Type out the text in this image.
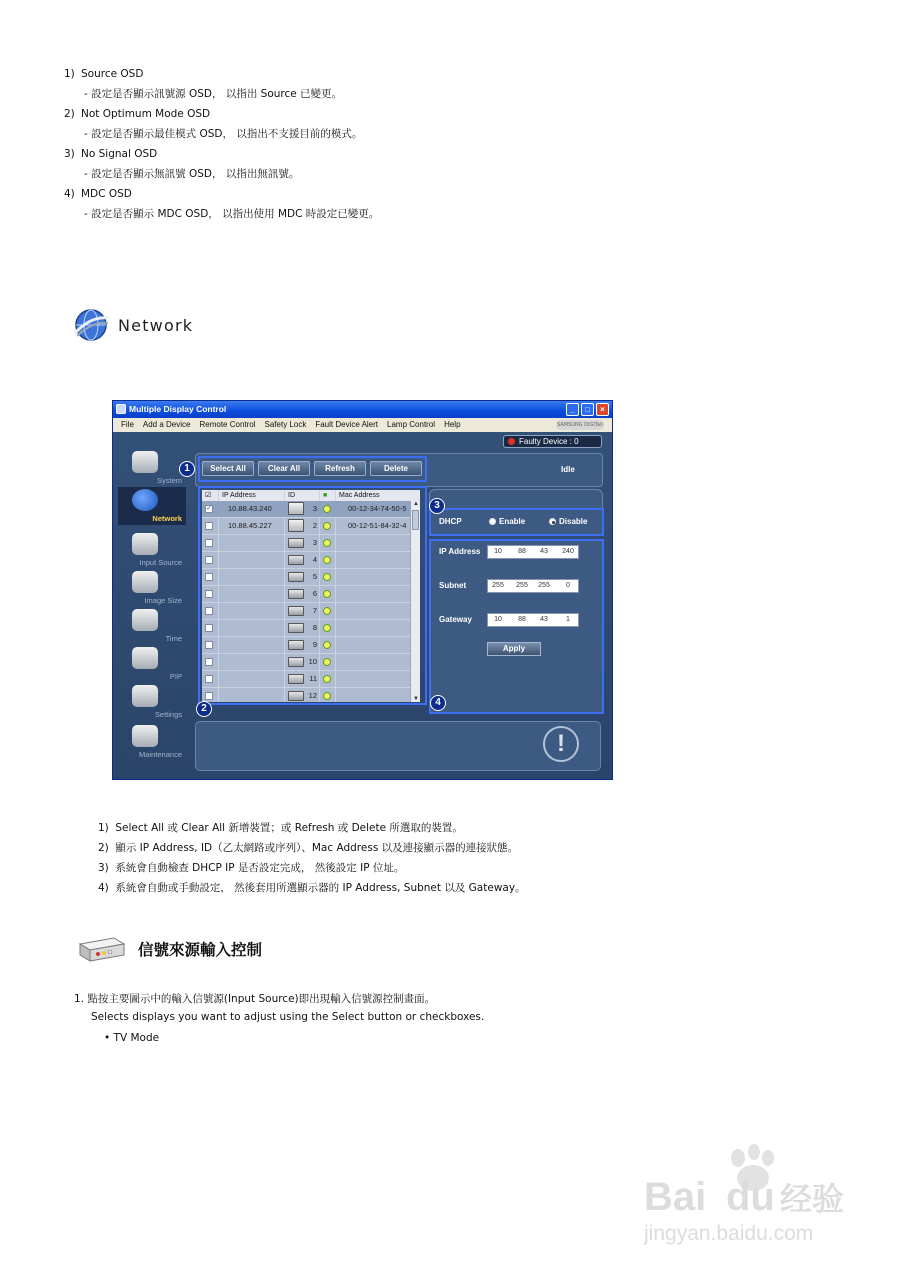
1) Source OSD
- 設定是否顯示訊號源 OSD， 以指出 Source 已變更。
2) Not Optimum Mode OSD
- 設定是否顯示最佳模式 OSD， 以指出不支援目前的模式。
3) No Signal OSD
- 設定是否顯示無訊號 OSD， 以指出無訊號。
4) MDC OSD
- 設定是否顯示 MDC OSD， 以指出使用 MDC 時設定已變更。
Network
Multiple Display Control	_	□	×
File Add a Device Remote Control Safety Lock Fault Device Alert Lamp Control Help	SAMSUNG DIGITall
Faulty Device : 0
System
Network
Input Source
Image Size
Time
PIP
Settings
Maintenance
Select All	Clear All	Refresh	Delete	Idle
☑ IP Address	ID	■ Mac Address
✓ 10.88.43.240	3	00-12-34-74-50-5
10.88.45.227	2	00-12-51-84-32-4
3
4
5
6
7
8
9
10
11
12
▲
▼
DHCP	Enable	Disable
IP Address	10	88	43	240
Subnet	255	255	255	0
Gateway	10	88	43	1
Apply
1
2
3
4
!
1) Select All 或 Clear All 新增裝置；或 Refresh 或 Delete 所選取的裝置。
2) 顯示 IP Address, ID（乙太網路或序列）、Mac Address 以及連接顯示器的連接狀態。
3) 系統會自動檢查 DHCP IP 是否設定完成， 然後設定 IP 位址。
4) 系統會自動或手動設定， 然後套用所選顯示器的 IP Address, Subnet 以及 Gateway。
信號來源輸入控制
1. 點按主要圖示中的輸入信號源(Input Source)即出現輸入信號源控制畫面。
Selects displays you want to adjust using the Select button or checkboxes.
• TV Mode
Bai du 经验
jingyan.baidu.com
